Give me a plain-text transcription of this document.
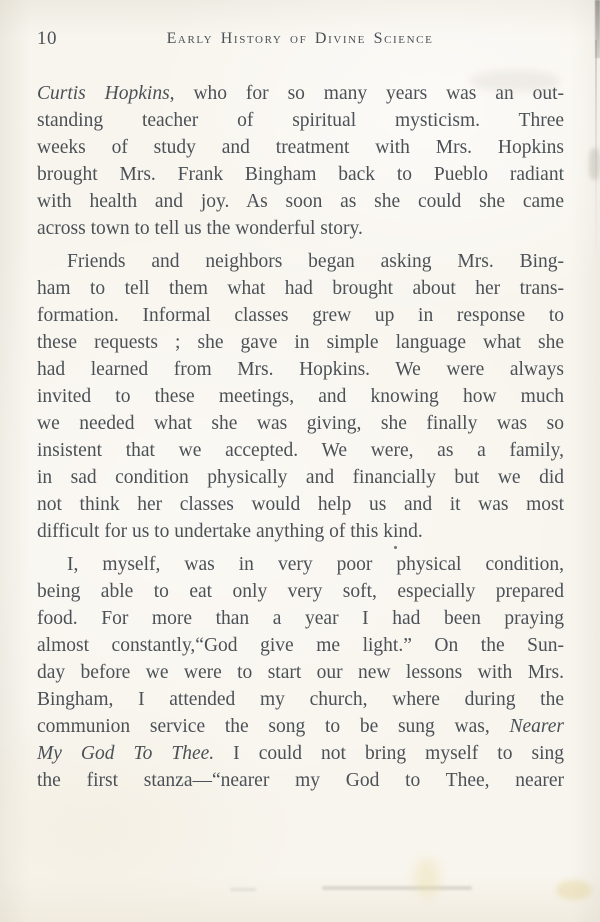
10	Early History of Divine Science
Curtis Hopkins, who for so many years was an out-
standing teacher of spiritual mysticism. Three
weeks of study and treatment with Mrs. Hopkins
brought Mrs. Frank Bingham back to Pueblo radiant
with health and joy. As soon as she could she came
across town to tell us the wonderful story.
Friends and neighbors began asking Mrs. Bing-
ham to tell them what had brought about her trans-
formation. Informal classes grew up in response to
these requests ; she gave in simple language what she
had learned from Mrs. Hopkins. We were always
invited to these meetings, and knowing how much
we needed what she was giving, she finally was so
insistent that we accepted. We were, as a family,
in sad condition physically and financially but we did
not think her classes would help us and it was most
difficult for us to undertake anything of this kind.
I, myself, was in very poor physical condition,
being able to eat only very soft, especially prepared
food. For more than a year I had been praying
almost constantly,“God give me light.” On the Sun-
day before we were to start our new lessons with Mrs.
Bingham, I attended my church, where during the
communion service the song to be sung was, Nearer
My God To Thee. I could not bring myself to sing
the first stanza—“nearer my God to Thee, nearer
